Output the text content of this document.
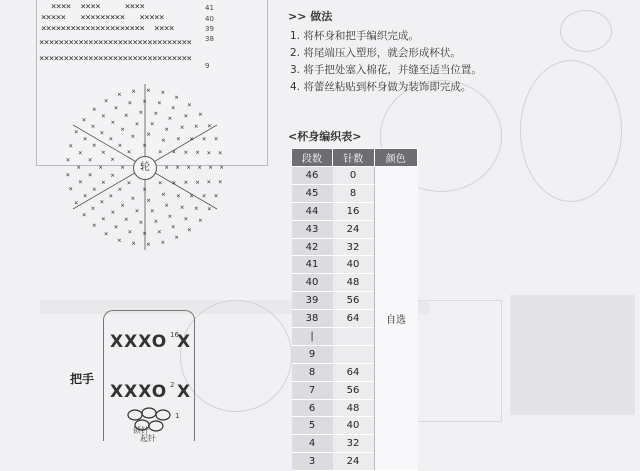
××××  ××××     ××××
×××××   ×××××××××   ×××××
×××××××××××××××××××××  ××××
×××××××××××××××××××××××××××××××
×××××××××××××××××××××××××××××××
41
40
39
38
9
×
×
×
×
×
×
×
×
×
×
×
×
×
×
×
×
×
× ×
×
×
×
×
×
×
×
×
×
×
×
×
×
×
×
× ×
×
×
×
×
×
×
×
×
×
×
×
×
×
×
×
×
×
×
×
× × ×
×
×
×
×
×
×
×
×
×
×
×
×
×
×
×
×
×
×
×
×
×
×
×
×
× × ×
×
×
×
×
×
×
×
×
×
×
×
×
×
×
×
×
×
×
×
×
×
×
×
×
×
×
×
×
× × × ×
×
×
×
×
×
×
轮
>> 做法
1. 将杯身和把手编织完成。
2. 将尾端压入塑形，就会形成杯状。
3. 将手把处塞入棉花，并缝至适当位置。
4. 将蕾丝粘贴到杯身做为装饰即完成。
<杯身编织表>
段数	针数	颜色
46	0	自选
45	8	
44	16	
43	24	
42	32	
41	40	
40	48	
39	56	
38	64	
|		
9		
8	64	
7	56	
6	48	
5	40	
4	32	
3	24	
把手
XXXO 16
X
XXXO 2 X
1
锁针
起针
